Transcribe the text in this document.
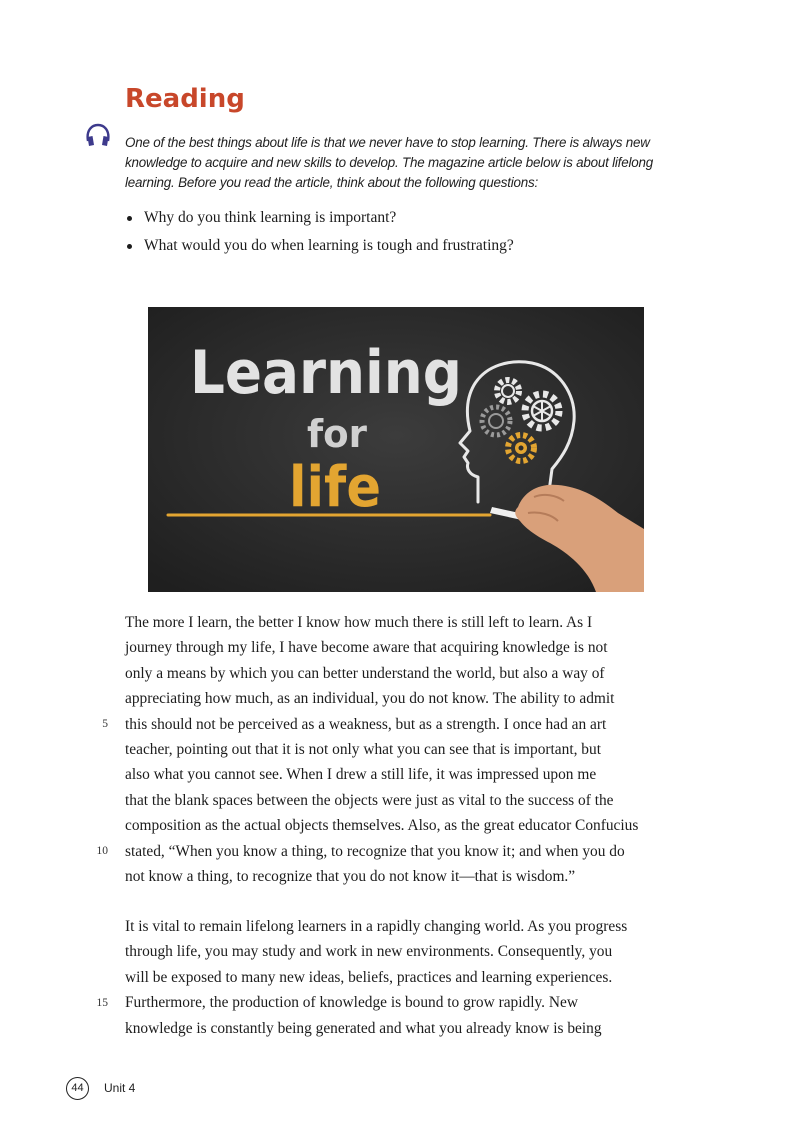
Reading
One of the best things about life is that we never have to stop learning. There is always new knowledge to acquire and new skills to develop. The magazine article below is about lifelong learning. Before you read the article, think about the following questions:
Why do you think learning is important?
What would you do when learning is tough and frustrating?
Learning
for
life
The more I learn, the better I know how much there is still left to learn. As I
journey through my life, I have become aware that acquiring knowledge is not
only a means by which you can better understand the world, but also a way of
appreciating how much, as an individual, you do not know. The ability to admit
this should not be perceived as a weakness, but as a strength. I once had an art
teacher, pointing out that it is not only what you can see that is important, but
also what you cannot see. When I drew a still life, it was impressed upon me
that the blank spaces between the objects were just as vital to the success of the
composition as the actual objects themselves. Also, as the great educator Confucius
stated, “When you know a thing, to recognize that you know it; and when you do
not know a thing, to recognize that you do not know it—that is wisdom.”
It is vital to remain lifelong learners in a rapidly changing world. As you progress
through life, you may study and work in new environments. Consequently, you
will be exposed to many new ideas, beliefs, practices and learning experiences.
Furthermore, the production of knowledge is bound to grow rapidly. New
knowledge is constantly being generated and what you already know is being
5
10
15
44	Unit 4
